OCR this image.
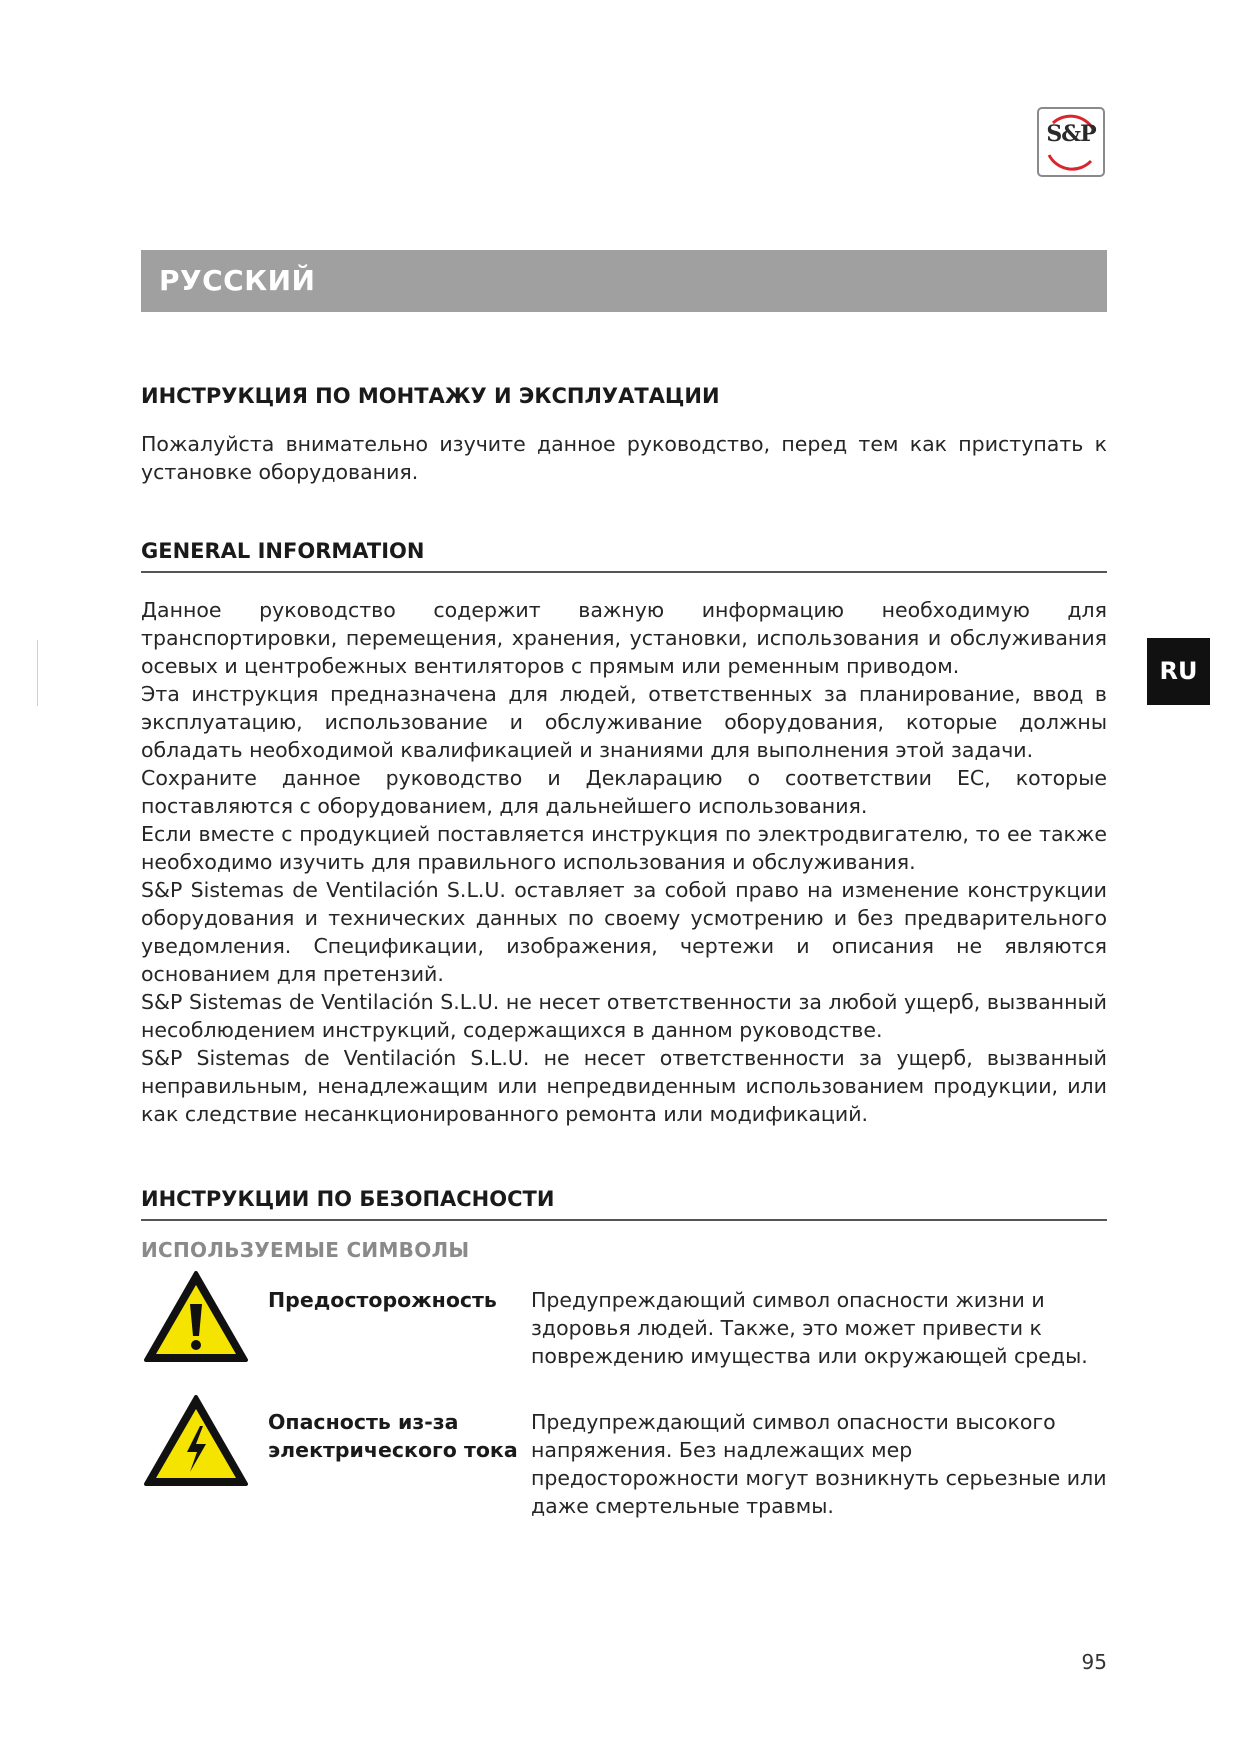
S&P
РУССКИЙ
RU
ИНСТРУКЦИЯ ПО МОНТАЖУ И ЭКСПЛУАТАЦИИ

Пожалуйста внимательно изучите данное руководство, перед тем как приступать к установке оборудования.

GENERAL INFORMATION

Данное руководство содержит важную информацию необходимую для транспортировки, перемещения, хранения, установки, использования и обслуживания осевых и центробежных вентиляторов с прямым или ременным приводом.

Эта инструкция предназначена для людей, ответственных за планирование, ввод в эксплуатацию, использование и обслуживание оборудования, которые должны обладать необходимой квалификацией и знаниями для выполнения этой задачи.

Сохраните данное руководство и Декларацию о соответствии ЕС, которые поставляются с оборудованием, для дальнейшего использования.

Если вместе с продукцией поставляется инструкция по электродвигателю, то ее также необходимо изучить для правильного использования и обслуживания.

S&P Sistemas de Ventilación S.L.U. оставляет за собой право на изменение конструкции оборудования и технических данных по своему усмотрению и без предварительного уведомления. Спецификации, изображения, чертежи и описания не являются основанием для претензий.

S&P Sistemas de Ventilación S.L.U. не несет ответственности за любой ущерб, вызванный несоблюдением инструкций, содержащихся в данном руководстве.

S&P Sistemas de Ventilación S.L.U. не несет ответственности за ущерб, вызванный неправильным, ненадлежащим или непредвиденным использованием продукции, или как следствие несанкционированного ремонта или модификаций.

ИНСТРУКЦИИ ПО БЕЗОПАСНОСТИ
ИСПОЛЬЗУЕМЫЕ СИМВОЛЫ
Предосторожность Предупреждающий символ опасности жизни и здоровья людей. Также, это может привести к повреждению имущества или окружающей среды.
Опасность из-за электрического тока
Предупреждающий символ опасности высокого напряжения. Без надлежащих мер предосторожности могут возникнуть серьезные или даже смертельные травмы.
95
